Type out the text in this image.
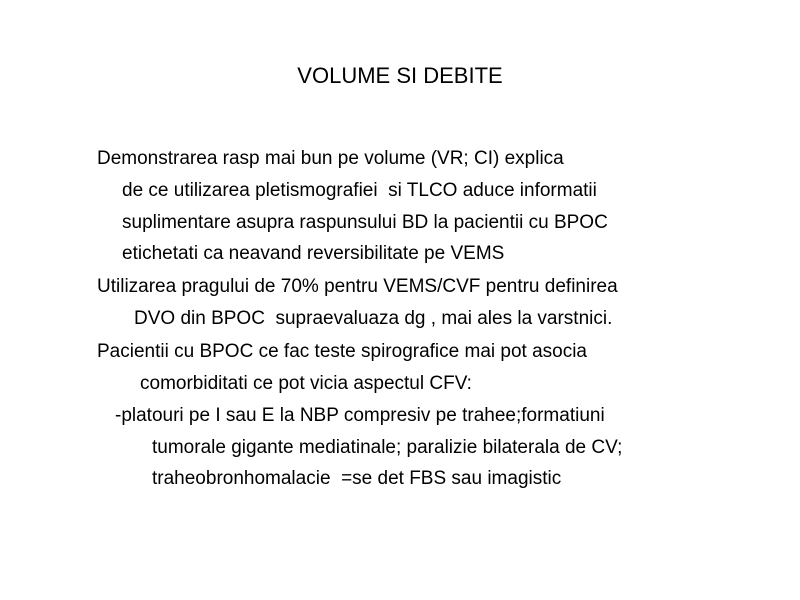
VOLUME SI DEBITE
Demonstrarea rasp mai bun pe volume (VR; CI) explica
de ce utilizarea pletismografiei  si TLCO aduce informatii
suplimentare asupra raspunsului BD la pacientii cu BPOC
etichetati ca neavand reversibilitate pe VEMS
Utilizarea pragului de 70% pentru VEMS/CVF pentru definirea
DVO din BPOC  supraevaluaza dg , mai ales la varstnici.
Pacientii cu BPOC ce fac teste spirografice mai pot asocia
comorbiditati ce pot vicia aspectul CFV:
-platouri pe I sau E la NBP compresiv pe trahee;formatiuni
tumorale gigante mediatinale; paralizie bilaterala de CV;
traheobronhomalacie  =se det FBS sau imagistic
